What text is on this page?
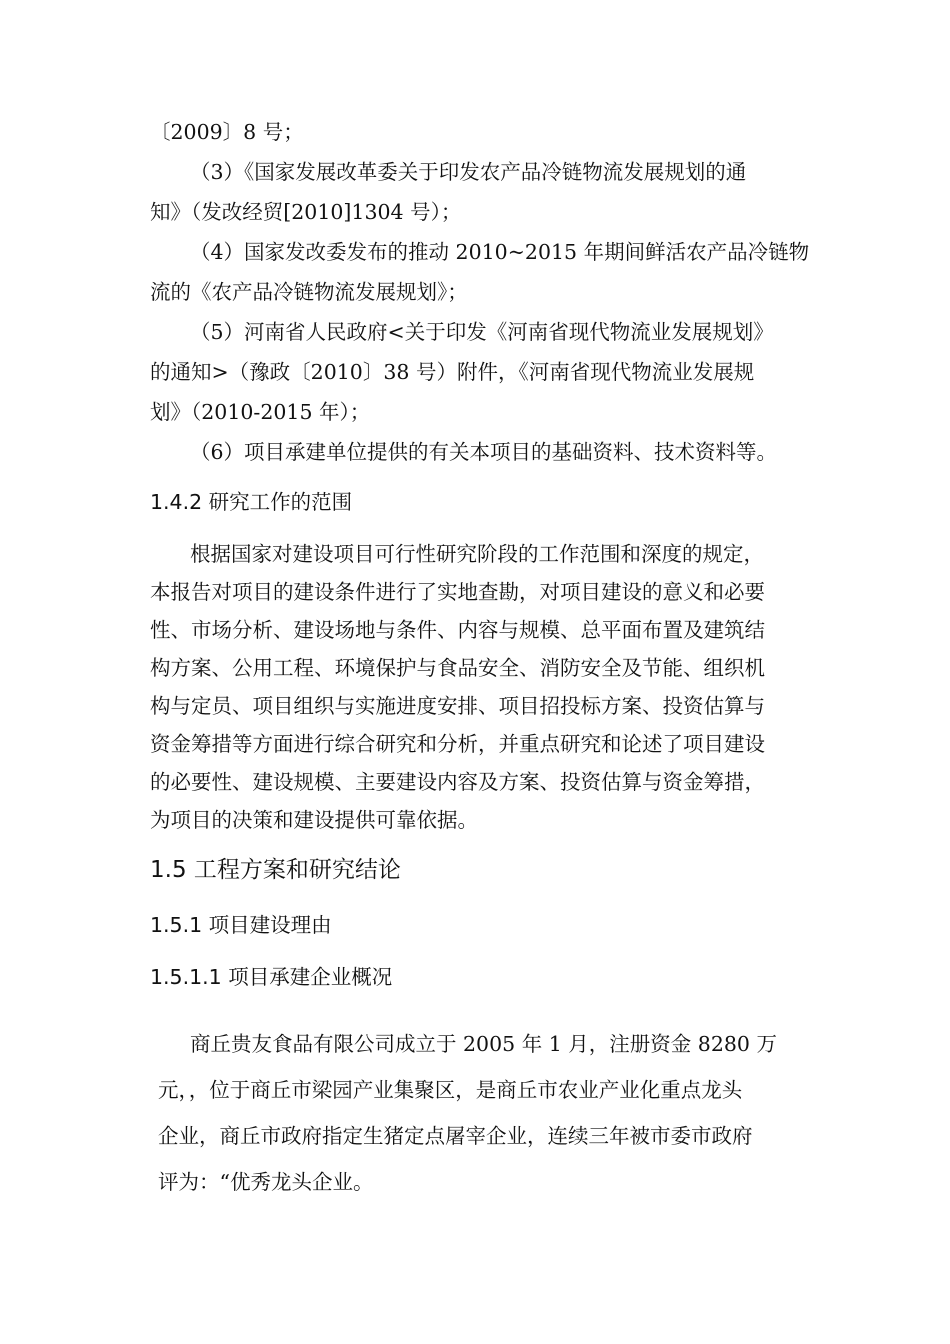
〔2009〕8 号；
（3）《国家发展改革委关于印发农产品冷链物流发展规划的通
知》（发改经贸[2010]1304 号）；
（4）国家发改委发布的推动 2010~2015 年期间鲜活农产品冷链物
流的《农产品冷链物流发展规划》；
（5）河南省人民政府<关于印发《河南省现代物流业发展规划》
的通知>（豫政〔2010〕38 号）附件，《河南省现代物流业发展规
划》（2010-2015 年）；
（6）项目承建单位提供的有关本项目的基础资料、技术资料等。
1.4.2 研究工作的范围
根据国家对建设项目可行性研究阶段的工作范围和深度的规定，
本报告对项目的建设条件进行了实地查勘，对项目建设的意义和必要
性、市场分析、建设场地与条件、内容与规模、总平面布置及建筑结
构方案、公用工程、环境保护与食品安全、消防安全及节能、组织机
构与定员、项目组织与实施进度安排、项目招投标方案、投资估算与
资金筹措等方面进行综合研究和分析，并重点研究和论述了项目建设
的必要性、建设规模、主要建设内容及方案、投资估算与资金筹措，
为项目的决策和建设提供可靠依据。
1.5 工程方案和研究结论
1.5.1 项目建设理由
1.5.1.1 项目承建企业概况
商丘贵友食品有限公司成立于 2005 年 1 月，注册资金 8280 万
元，，位于商丘市梁园产业集聚区，是商丘市农业产业化重点龙头
企业，商丘市政府指定生猪定点屠宰企业，连续三年被市委市政府
评为：“优秀龙头企业。
